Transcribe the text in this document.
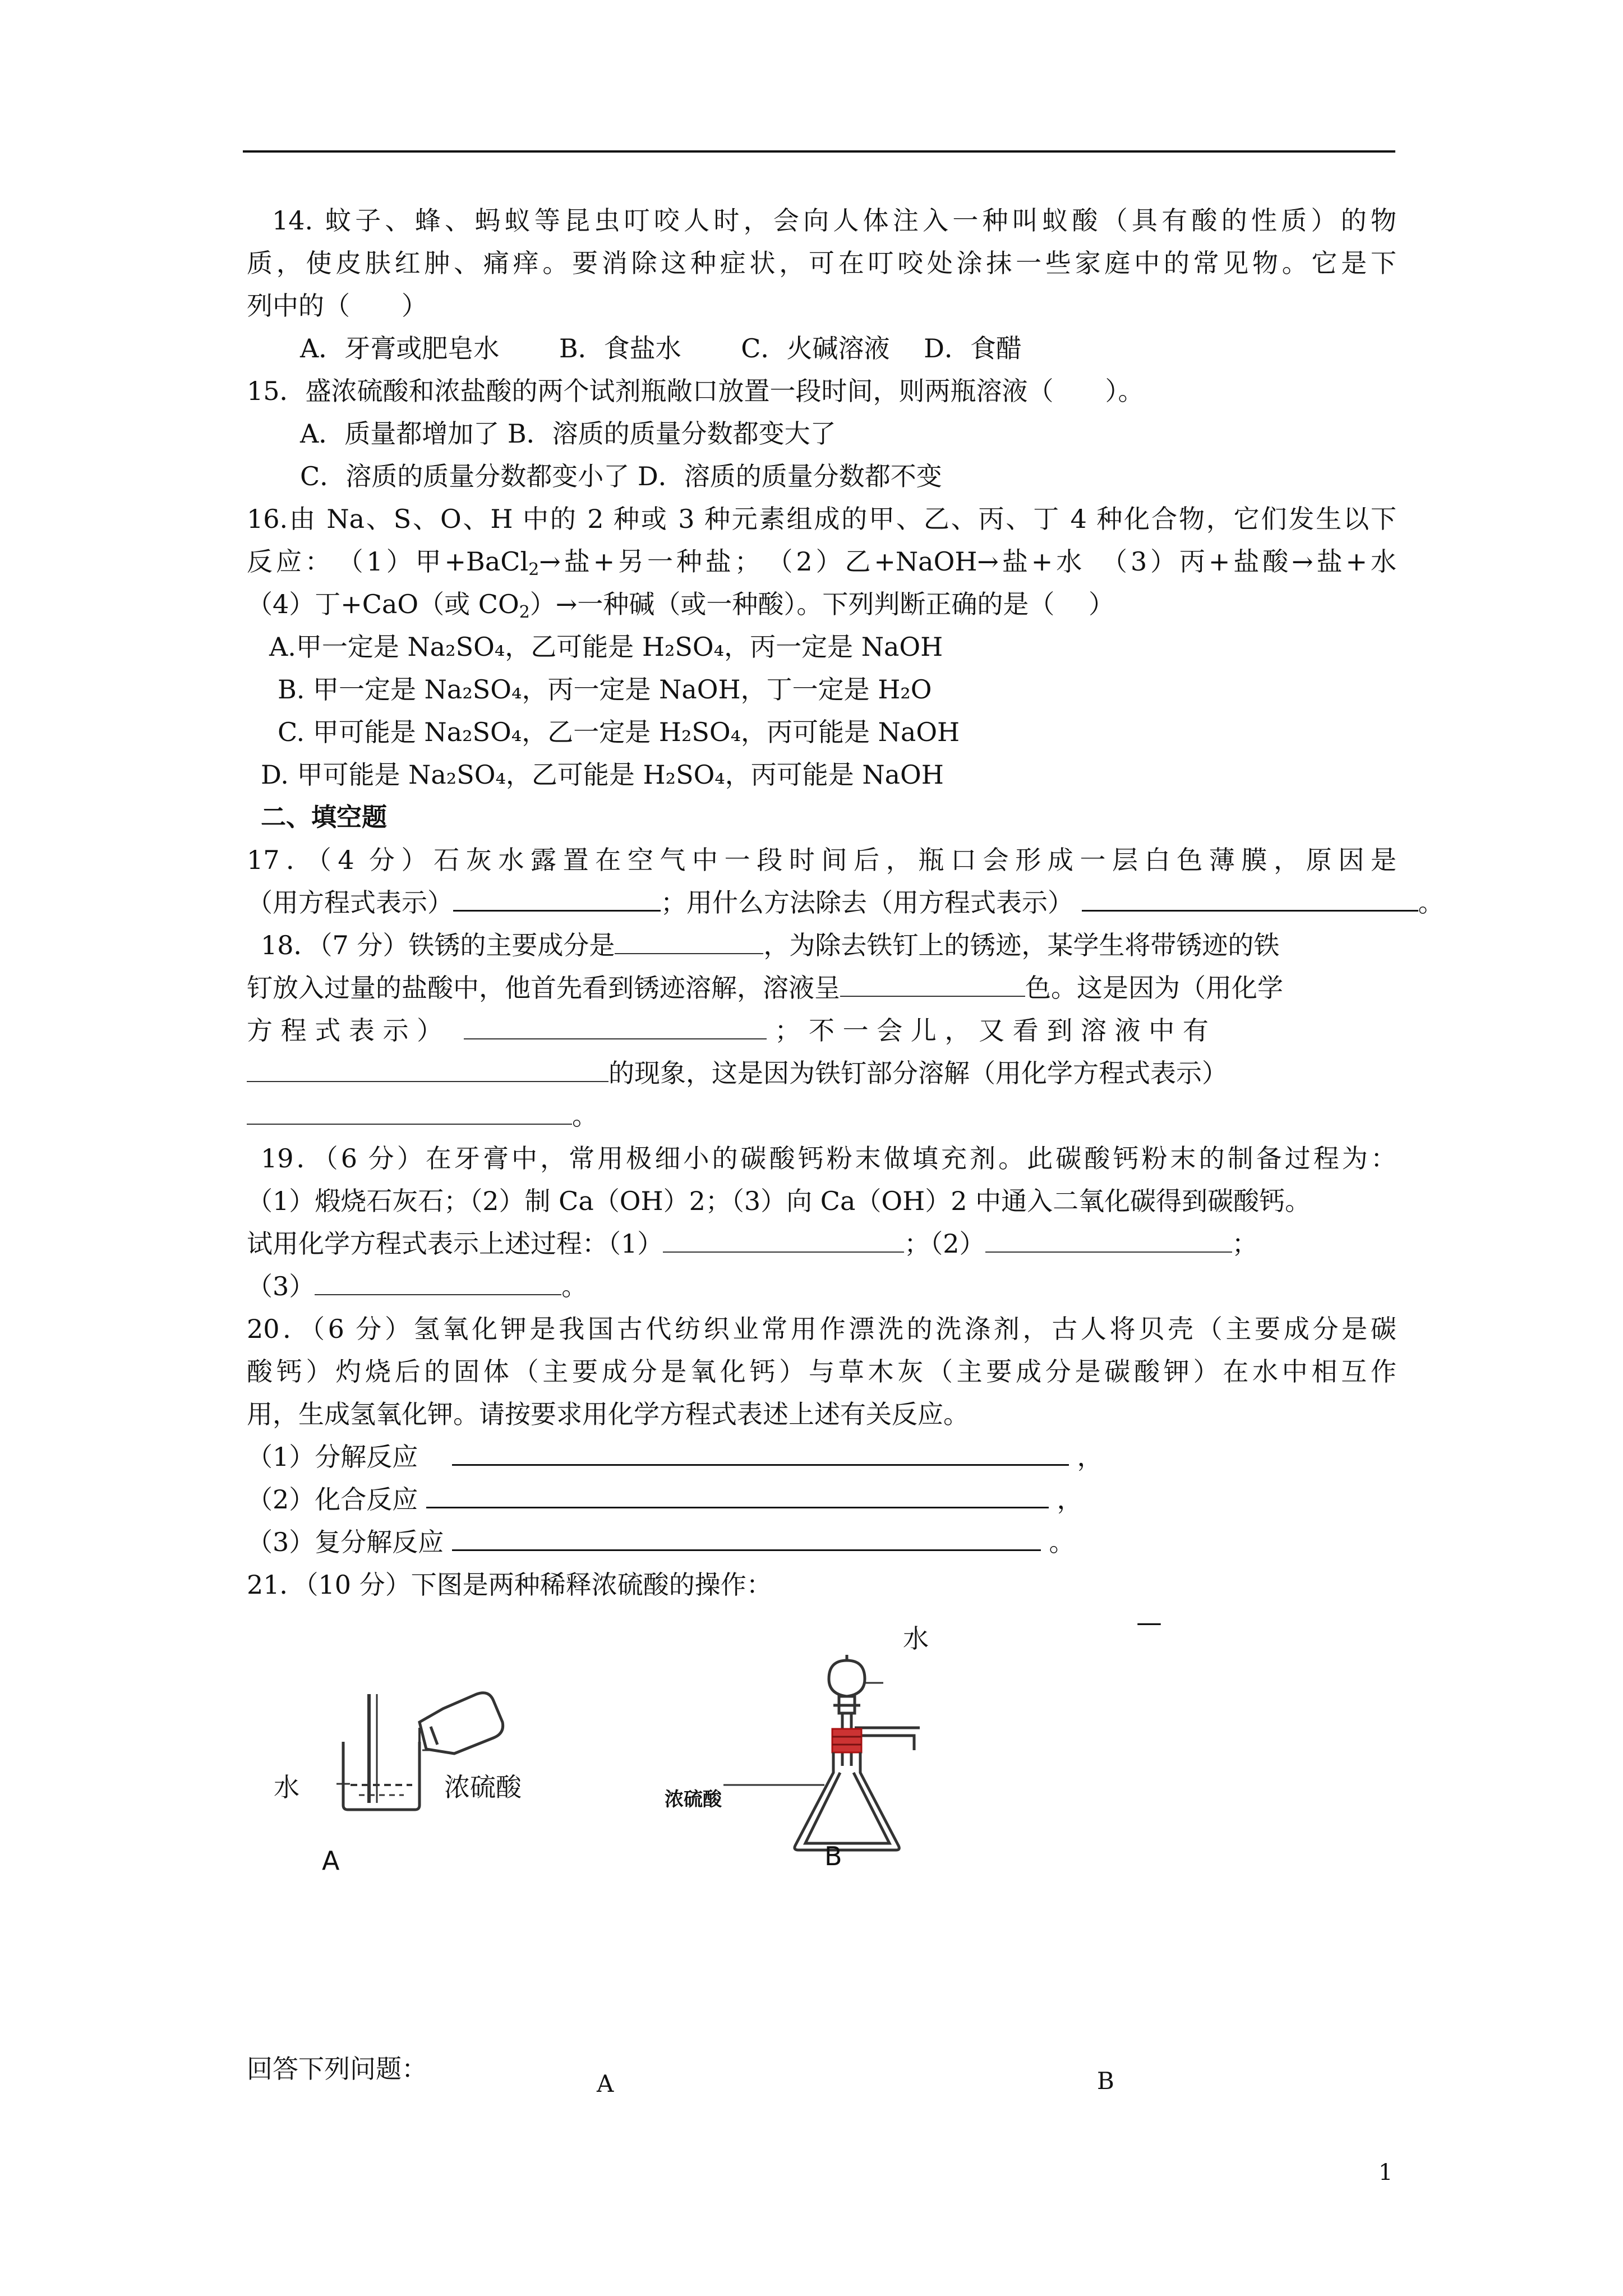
14. 蚊子、蜂、蚂蚁等昆虫叮咬人时，会向人体注入一种叫蚁酸（具有酸的性质）的物
质，使皮肤红肿、痛痒。要消除这种症状，可在叮咬处涂抹一些家庭中的常见物。它是下
列中的（　　）
A．牙膏或肥皂水　　 B．食盐水　　 C．火碱溶液　 D．食醋
15．盛浓硫酸和浓盐酸的两个试剂瓶敞口放置一段时间，则两瓶溶液（　　）。
A．质量都增加了 B．溶质的质量分数都变大了
C．溶质的质量分数都变小了 D．溶质的质量分数都不变
16.由 Na、S、O、H 中的 2 种或 3 种元素组成的甲、乙、丙、丁 4 种化合物，它们发生以下
反应：　（1）甲+BaCl$_2$→盐+另一种盐；　（2）乙+NaOH→盐+水　（3）丙+盐酸→盐+水
（4）丁+CaO（或 $CO_2)\to$一种碱（或一种酸）。下列判断正确的是（　 ）
A.甲一定是 Na₂SO₄，乙可能是 H₂SO₄，丙一定是 NaOH
B. 甲一定是 Na₂SO₄，丙一定是 NaOH，丁一定是 H₂O
C. 甲可能是 Na₂SO₄，乙一定是 H₂SO₄，丙可能是 NaOH
D. 甲可能是 Na₂SO₄，乙可能是 H₂SO₄，丙可能是 NaOH
二、填空题
17．（4 分）石灰水露置在空气中一段时间后，瓶口会形成一层白色薄膜，原因是
（用方程式表示）	；用什么方法除去（用方程式表示）	。
18．（7 分）铁锈的主要成分是	，为除去铁钉上的锈迹，某学生将带锈迹的铁
钉放入过量的盐酸中，他首先看到锈迹溶解，溶液呈	色。这是因为（用化学
方 程 式 表 示 ）　	； 不 一 会 儿 ， 又 看 到 溶 液 中 有
的现象，这是因为铁钉部分溶解（用化学方程式表示）
。
19．（6 分）在牙膏中，常用极细小的碳酸钙粉末做填充剂。此碳酸钙粉末的制备过程为：
（1）煅烧石灰石；（2）制 Ca（OH）2；（3）向 Ca（OH）2 中通入二氧化碳得到碳酸钙。
试用化学方程式表示上述过程：（1）	；（2）	；
（3）	。
20．（6 分）氢氧化钾是我国古代纺织业常用作漂洗的洗涤剂，古人将贝壳（主要成分是碳
酸钙）灼烧后的固体（主要成分是氧化钙）与草木灰（主要成分是碳酸钾）在水中相互作
用，生成氢氧化钾。请按要求用化学方程式表述上述有关反应。
（1）分解反应　	，
（2）化合反应	，
（3）复分解反应	。
21．（10 分）下图是两种稀释浓硫酸的操作：
水	浓硫酸
A
水
浓硫酸
B
—
回答下列问题：	A	B
1
